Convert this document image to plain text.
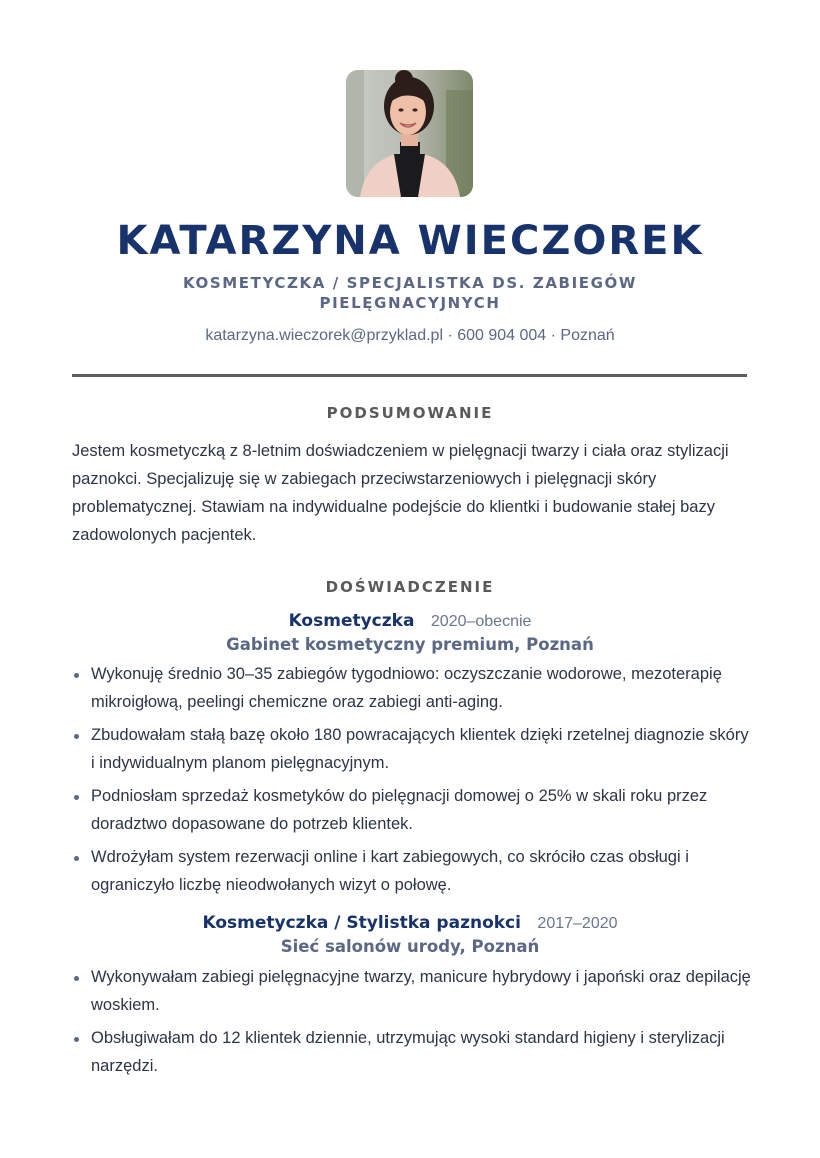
KATARZYNA WIECZOREK
KOSMETYCZKA / SPECJALISTKA DS. ZABIEGÓW PIELĘGNACYJNYCH
katarzyna.wieczorek@przyklad.pl · 600 904 004 · Poznań
PODSUMOWANIE
Jestem kosmetyczką z 8-letnim doświadczeniem w pielęgnacji twarzy i ciała oraz stylizacji paznokci. Specjalizuję się w zabiegach przeciwstarzeniowych i pielęgnacji skóry problematycznej. Stawiam na indywidualne podejście do klientki i budowanie stałej bazy zadowolonych pacjentek.
DOŚWIADCZENIE
Kosmetyczka 2020–obecnie
Gabinet kosmetyczny premium, Poznań
Wykonuję średnio 30–35 zabiegów tygodniowo: oczyszczanie wodorowe, mezoterapię mikroigłową, peelingi chemiczne oraz zabiegi anti-aging.
Zbudowałam stałą bazę około 180 powracających klientek dzięki rzetelnej diagnozie skóry i indywidualnym planom pielęgnacyjnym.
Podniosłam sprzedaż kosmetyków do pielęgnacji domowej o 25% w skali roku przez doradztwo dopasowane do potrzeb klientek.
Wdrożyłam system rezerwacji online i kart zabiegowych, co skróciło czas obsługi i ograniczyło liczbę nieodwołanych wizyt o połowę.
Kosmetyczka / Stylistka paznokci 2017–2020
Sieć salonów urody, Poznań
Wykonywałam zabiegi pielęgnacyjne twarzy, manicure hybrydowy i japoński oraz depilację woskiem.
Obsługiwałam do 12 klientek dziennie, utrzymując wysoki standard higieny i sterylizacji narzędzi.
